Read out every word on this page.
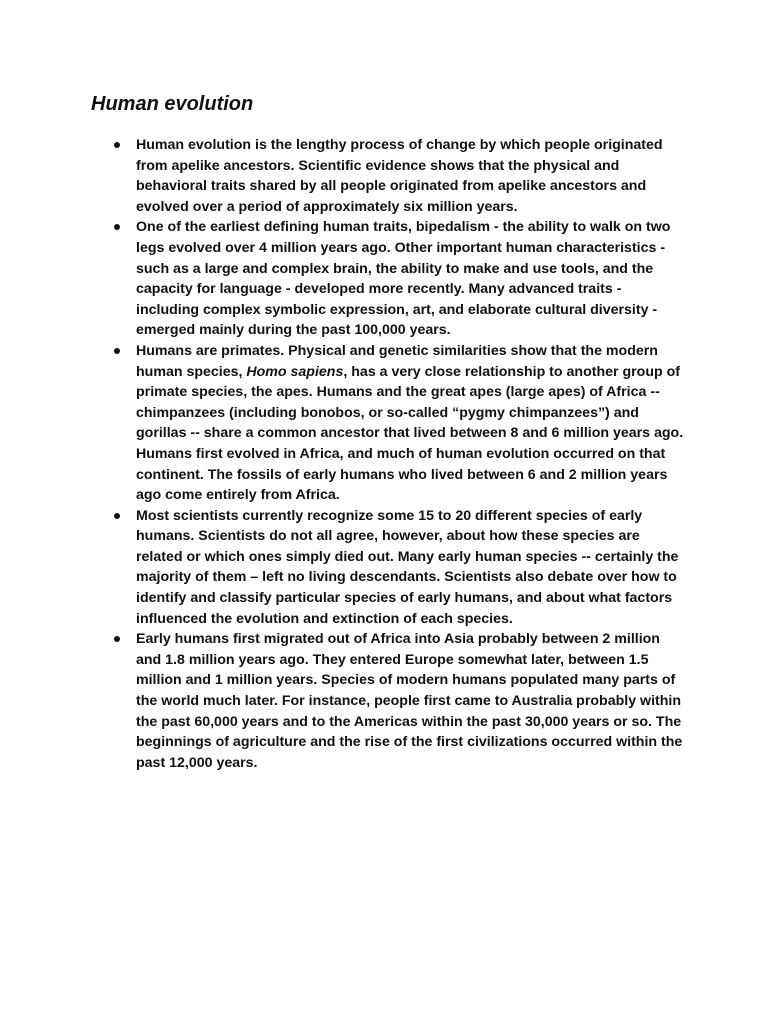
Human evolution
Human evolution is the lengthy process of change by which people originated from apelike ancestors. Scientific evidence shows that the physical and behavioral traits shared by all people originated from apelike ancestors and evolved over a period of approximately six million years.
One of the earliest defining human traits, bipedalism - the ability to walk on two legs evolved over 4 million years ago. Other important human characteristics - such as a large and complex brain, the ability to make and use tools, and the capacity for language - developed more recently. Many advanced traits - including complex symbolic expression, art, and elaborate cultural diversity - emerged mainly during the past 100,000 years.
Humans are primates. Physical and genetic similarities show that the modern human species, Homo sapiens, has a very close relationship to another group of primate species, the apes. Humans and the great apes (large apes) of Africa -- chimpanzees (including bonobos, or so-called “pygmy chimpanzees”) and gorillas -- share a common ancestor that lived between 8 and 6 million years ago. Humans first evolved in Africa, and much of human evolution occurred on that continent. The fossils of early humans who lived between 6 and 2 million years ago come entirely from Africa.
Most scientists currently recognize some 15 to 20 different species of early humans. Scientists do not all agree, however, about how these species are related or which ones simply died out. Many early human species -- certainly the majority of them – left no living descendants. Scientists also debate over how to identify and classify particular species of early humans, and about what factors influenced the evolution and extinction of each species.
Early humans first migrated out of Africa into Asia probably between 2 million and 1.8 million years ago. They entered Europe somewhat later, between 1.5 million and 1 million years. Species of modern humans populated many parts of the world much later. For instance, people first came to Australia probably within the past 60,000 years and to the Americas within the past 30,000 years or so. The beginnings of agriculture and the rise of the first civilizations occurred within the past 12,000 years.
